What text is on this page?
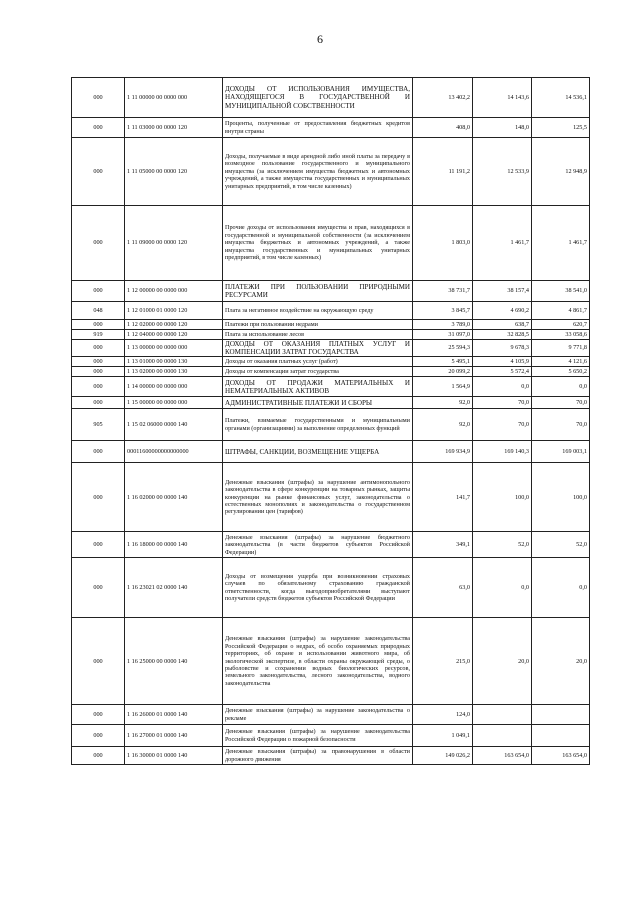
6
000	1 11 00000 00 0000 000	ДОХОДЫ ОТ ИСПОЛЬЗОВАНИЯ ИМУЩЕСТВА, НАХОДЯЩЕГОСЯ В ГОСУДАРСТВЕННОЙ И МУНИЦИПАЛЬНОЙ СОБСТВЕННОСТИ	13 402,2	14 143,6	14 536,1
000	1 11 03000 00 0000 120	Проценты, полученные от предоставления бюджетных кредитов внутри страны	408,0	148,0	125,5
000	1 11 05000 00 0000 120	Доходы, получаемые в виде арендной либо иной платы за передачу в возмездное пользование государственного и муниципального имущества (за исключением имущества бюджетных и автономных учреждений, а также имущества государственных и муниципальных унитарных предприятий, в том числе казенных)	11 191,2	12 533,9	12 948,9
000	1 11 09000 00 0000 120	Прочие доходы от использования имущества и прав, находящихся в государственной и муниципальной собственности (за исключением имущества бюджетных и автономных учреждений, а также имущества государственных и муниципальных унитарных предприятий, в том числе казенных)	1 803,0	1 461,7	1 461,7
000	1 12 00000 00 0000 000	ПЛАТЕЖИ ПРИ ПОЛЬЗОВАНИИ ПРИРОДНЫМИ РЕСУРСАМИ	38 731,7	38 157,4	38 541,0
048	1 12 01000 01 0000 120	Плата за негативное воздействие на окружающую среду	3 845,7	4 690,2	4 861,7
000	1 12 02000 00 0000 120	Платежи при пользовании недрами	3 789,0	638,7	620,7
919	1 12 04000 00 0000 120	Плата за использование лесов	31 097,0	32 828,5	33 058,6
000	1 13 00000 00 0000 000	ДОХОДЫ ОТ ОКАЗАНИЯ ПЛАТНЫХ УСЛУГ И КОМПЕНСАЦИИ ЗАТРАТ ГОСУДАРСТВА	25 594,3	9 678,3	9 771,8
000	1 13 01000 00 0000 130	Доходы от оказания платных услуг (работ)	5 495,1	4 105,9	4 121,6
000	1 13 02000 00 0000 130	Доходы от компенсации затрат государства	20 099,2	5 572,4	5 650,2
000	1 14 00000 00 0000 000	ДОХОДЫ ОТ ПРОДАЖИ МАТЕРИАЛЬНЫХ И НЕМАТЕРИАЛЬНЫХ АКТИВОВ	1 564,9	0,0	0,0
000	1 15 00000 00 0000 000	АДМИНИСТРАТИВНЫЕ ПЛАТЕЖИ И СБОРЫ	92,0	70,0	70,0
905	1 15 02 06000 0000 140	Платежи, взимаемые государственными и муниципальными органами (организациями) за выполнение определенных функций	92,0	70,0	70,0
000	00011600000000000000	ШТРАФЫ, САНКЦИИ, ВОЗМЕЩЕНИЕ УЩЕРБА	169 934,9	169 140,3	169 003,1
000	1 16 02000 00 0000 140	Денежные взыскания (штрафы) за нарушение антимонопольного законодательства в сфере конкуренции на товарных рынках, защиты конкуренции на рынке финансовых услуг, законодательства о естественных монополиях и законодательства о государственном регулировании цен (тарифов)	141,7	100,0	100,0
000	1 16 18000 00 0000 140	Денежные взыскания (штрафы) за нарушение бюджетного законодательства (в части бюджетов субъектов Российской Федерации)	349,1	52,0	52,0
000	1 16 23021 02 0000 140	Доходы от возмещения ущерба при возникновении страховых случаев по обязательному страхованию гражданской ответственности, когда выгодоприобретателями выступают получатели средств бюджетов субъектов Российской Федерации	63,0	0,0	0,0
000	1 16 25000 00 0000 140	Денежные взыскания (штрафы) за нарушение законодательства Российской Федерации о недрах, об особо охраняемых природных территориях, об охране и использовании животного мира, об экологической экспертизе, в области охраны окружающей среды, о рыболовстве и сохранении водных биологических ресурсов, земельного законодательства, лесного законодательства, водного законодательства	215,0	20,0	20,0
000	1 16 26000 01 0000 140	Денежные взыскания (штрафы) за нарушение законодательства о рекламе	124,0		
000	1 16 27000 01 0000 140	Денежные взыскания (штрафы) за нарушение законодательства Российской Федерации о пожарной безопасности	1 049,1		
000	1 16 30000 01 0000 140	Денежные взыскания (штрафы) за правонарушения в области дорожного движения	149 026,2	163 654,0	163 654,0
